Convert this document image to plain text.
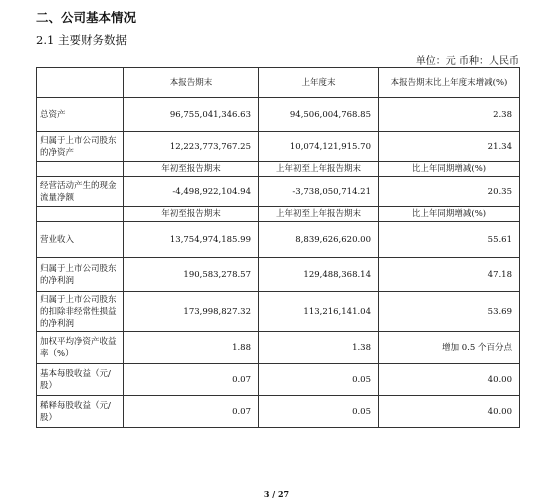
二、公司基本情况
2.1 主要财务数据
单位：元 币种：人民币
	本报告期末	上年度末	本报告期末比上年度末增减(%)
总资产	96,755,041,346.63	94,506,004,768.85	2.38
归属于上市公司股东的净资产	12,223,773,767.25	10,074,121,915.70	21.34
	年初至报告期末	上年初至上年报告期末	比上年同期增减(%)
经营活动产生的现金流量净额	-4,498,922,104.94	-3,738,050,714.21	20.35
	年初至报告期末	上年初至上年报告期末	比上年同期增减(%)
营业收入	13,754,974,185.99	8,839,626,620.00	55.61
归属于上市公司股东的净利润	190,583,278.57	129,488,368.14	47.18
归属于上市公司股东的扣除非经常性损益的净利润	173,998,827.32	113,216,141.04	53.69
加权平均净资产收益率（%）	1.88	1.38	增加 0.5 个百分点
基本每股收益（元/股）	0.07	0.05	40.00
稀释每股收益（元/股）	0.07	0.05	40.00
3 / 27
